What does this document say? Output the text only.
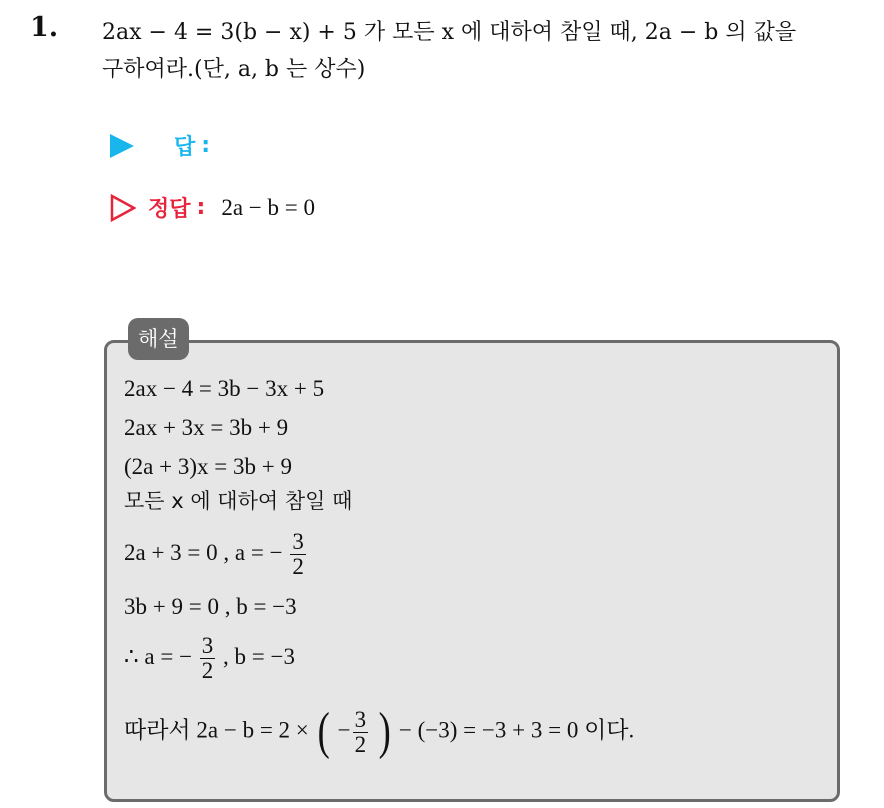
1. 2ax − 4 = 3(b − x) + 5 가 모든 x 에 대하여 참일 때, 2a − b 의 값을
구하여라.(단, a, b 는 상수)
답 :
정답 : 2a − b = 0
해설
2ax − 4 = 3b − 3x + 5
2ax + 3x = 3b + 9
(2a + 3)x = 3b + 9
모든 x 에 대하여 참일 때
2a + 3 = 0 , a = − $\frac{3}{2}$
3b + 9 = 0 , b = −3
∴ a = − $\frac{3}{2}$ , b = −3
따라서 2a − b = 2 × ( − $\frac{3}{2}$ ) − (−3) = −3 + 3 = 0 이다.
